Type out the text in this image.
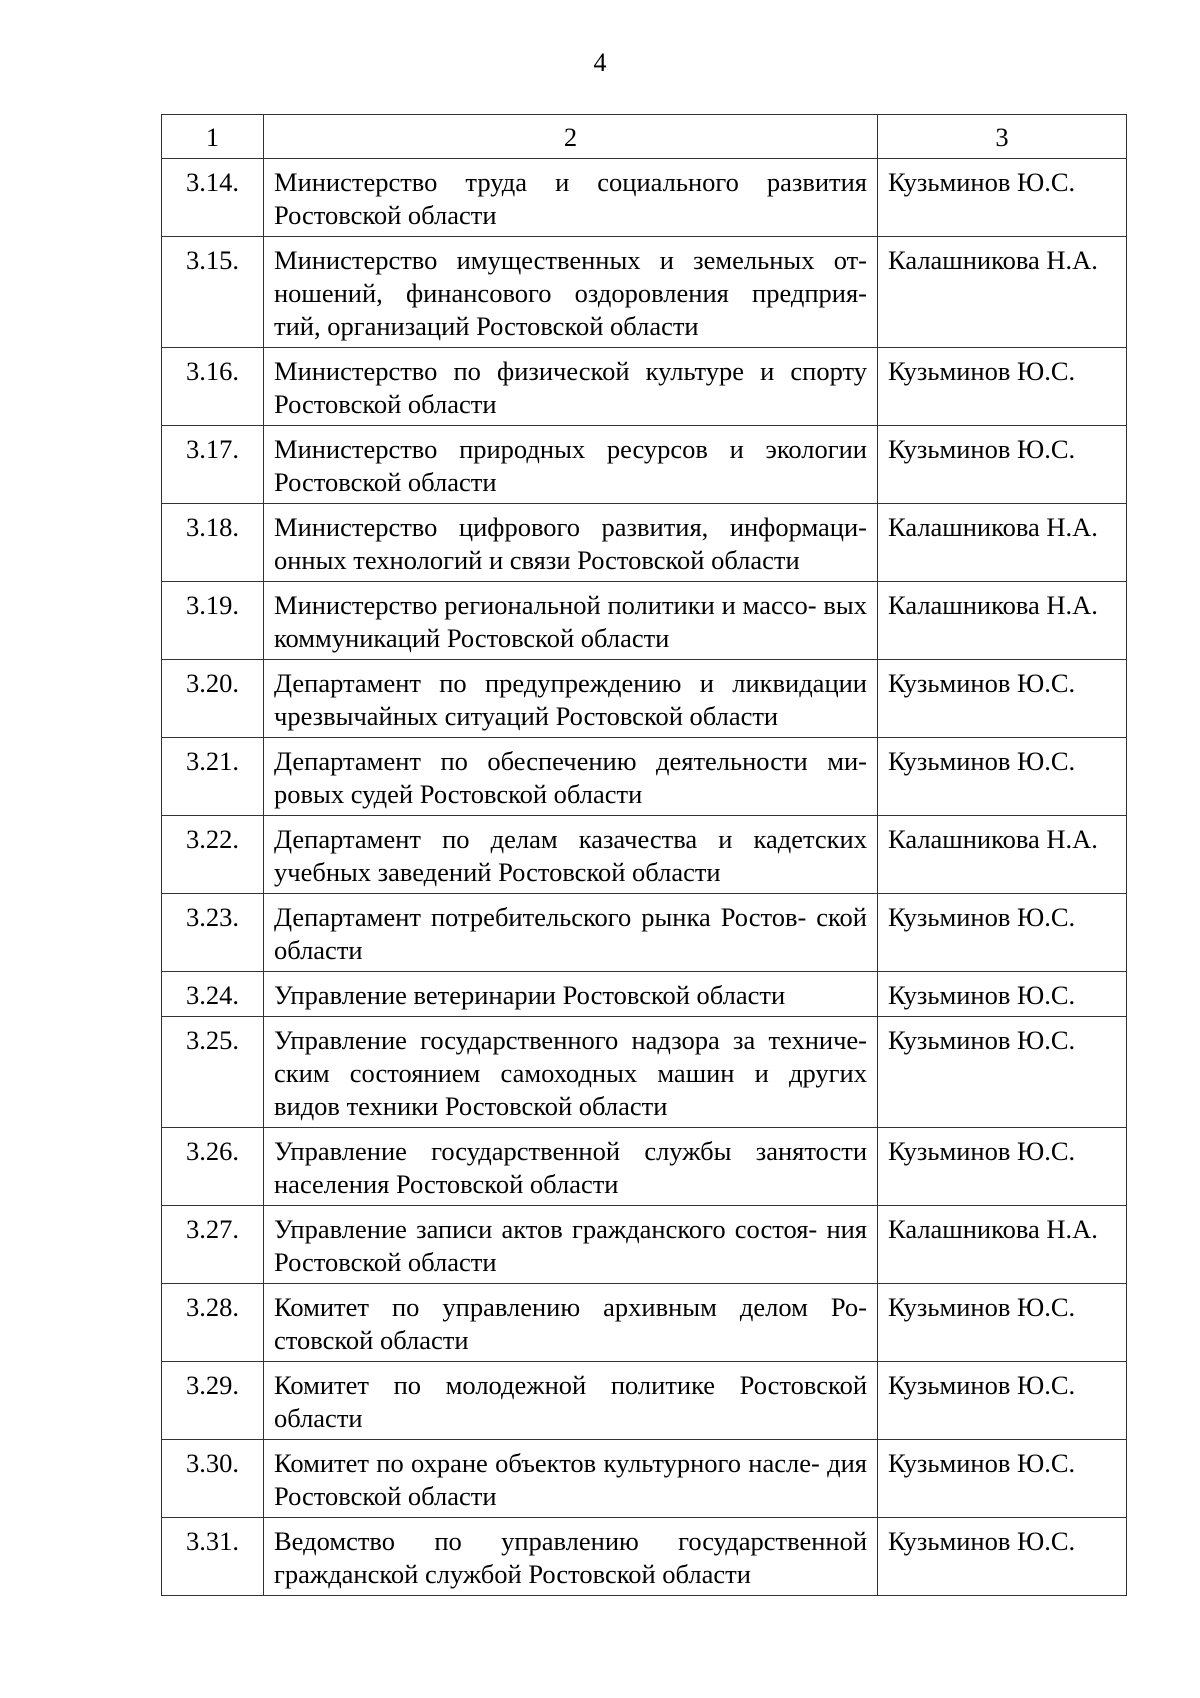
4
1	2	3
3.14.	Министерство труда и социального развития Ростовской области	Кузьминов Ю.С.
3.15.	Министерство имущественных и земельных от- ношений, финансового оздоровления предприя- тий, организаций Ростовской области	Калашникова Н.А.
3.16.	Министерство по физической культуре и спорту Ростовской области	Кузьминов Ю.С.
3.17.	Министерство природных ресурсов и экологии Ростовской области	Кузьминов Ю.С.
3.18.	Министерство цифрового развития, информаци- онных технологий и связи Ростовской области	Калашникова Н.А.
3.19.	Министерство региональной политики и массо- вых коммуникаций Ростовской области	Калашникова Н.А.
3.20.	Департамент по предупреждению и ликвидации чрезвычайных ситуаций Ростовской области	Кузьминов Ю.С.
3.21.	Департамент по обеспечению деятельности ми- ровых судей Ростовской области	Кузьминов Ю.С.
3.22.	Департамент по делам казачества и кадетских учебных заведений Ростовской области	Калашникова Н.А.
3.23.	Департамент потребительского рынка Ростов- ской области	Кузьминов Ю.С.
3.24.	Управление ветеринарии Ростовской области	Кузьминов Ю.С.
3.25.	Управление государственного надзора за техниче- ским состоянием самоходных машин и других видов техники Ростовской области	Кузьминов Ю.С.
3.26.	Управление государственной службы занятости населения Ростовской области	Кузьминов Ю.С.
3.27.	Управление записи актов гражданского состоя- ния Ростовской области	Калашникова Н.А.
3.28.	Комитет по управлению архивным делом Ро- стовской области	Кузьминов Ю.С.
3.29.	Комитет по молодежной политике Ростовской области	Кузьминов Ю.С.
3.30.	Комитет по охране объектов культурного насле- дия Ростовской области	Кузьминов Ю.С.
3.31.	Ведомство по управлению государственной гражданской службой Ростовской области	Кузьминов Ю.С.
